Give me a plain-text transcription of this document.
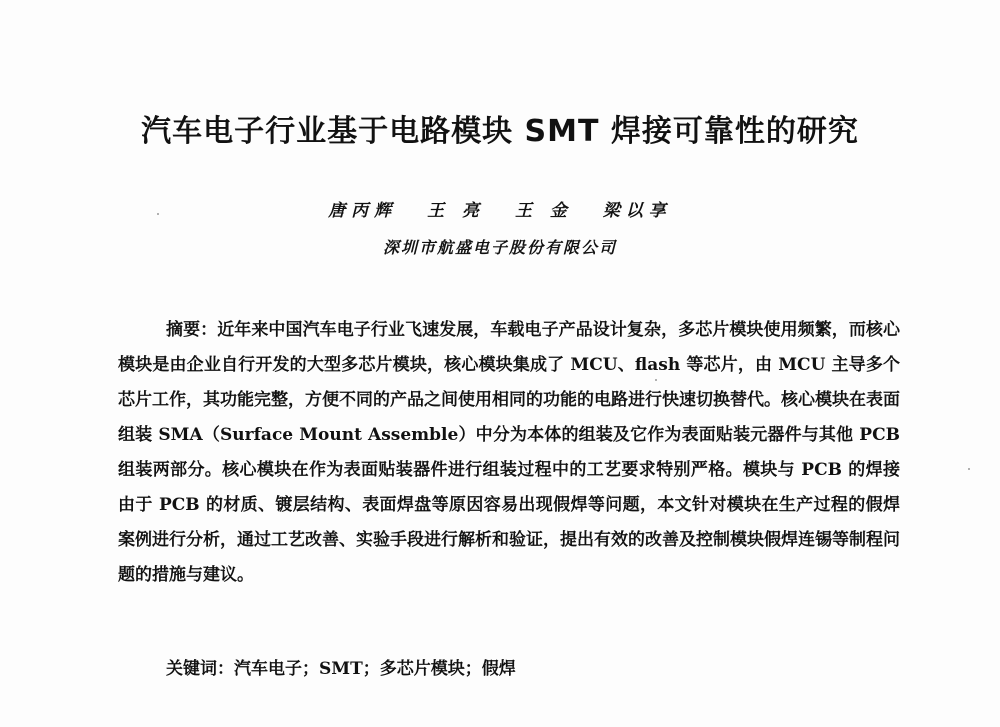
汽车电子行业基于电路模块 SMT 焊接可靠性的研究
唐丙辉 王 亮 王 金 梁以享
深圳市航盛电子股份有限公司
摘要：近年来中国汽车电子行业飞速发展，车载电子产品设计复杂，多芯片模块使用频繁，而核心模块是由企业自行开发的大型多芯片模块，核心模块集成了 MCU、flash 等芯片，由 MCU 主导多个芯片工作，其功能完整，方便不同的产品之间使用相同的功能的电路进行快速切换替代。核心模块在表面组装 SMA（Surface Mount Assemble）中分为本体的组装及它作为表面贴装元器件与其他 PCB 组装两部分。核心模块在作为表面贴装器件进行组装过程中的工艺要求特别严格。模块与 PCB 的焊接由于 PCB 的材质、镀层结构、表面焊盘等原因容易出现假焊等问题，本文针对模块在生产过程的假焊案例进行分析，通过工艺改善、实验手段进行解析和验证，提出有效的改善及控制模块假焊连锡等制程问题的措施与建议。
关键词：汽车电子；SMT；多芯片模块；假焊
